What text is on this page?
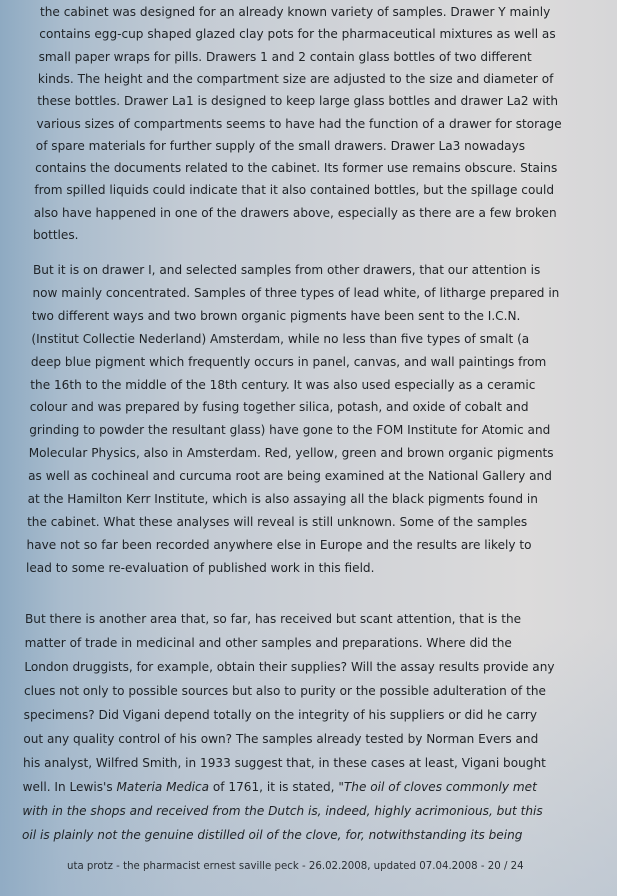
the cabinet was designed for an already known variety of samples. Drawer Y mainly
contains egg-cup shaped glazed clay pots for the pharmaceutical mixtures as well as
small paper wraps for pills. Drawers 1 and 2 contain glass bottles of two different
kinds. The height and the compartment size are adjusted to the size and diameter of
these bottles. Drawer La1 is designed to keep large glass bottles and drawer La2 with
various sizes of compartments seems to have had the function of a drawer for storage
of spare materials for further supply of the small drawers. Drawer La3 nowadays
contains the documents related to the cabinet. Its former use remains obscure. Stains
from spilled liquids could indicate that it also contained bottles, but the spillage could
also have happened in one of the drawers above, especially as there are a few broken
bottles.
But it is on drawer I, and selected samples from other drawers, that our attention is
now mainly concentrated. Samples of three types of lead white, of litharge prepared in
two different ways and two brown organic pigments have been sent to the I.C.N.
(Institut Collectie Nederland) Amsterdam, while no less than five types of smalt (a
deep blue pigment which frequently occurs in panel, canvas, and wall paintings from
the 16th to the middle of the 18th century. It was also used especially as a ceramic
colour and was prepared by fusing together silica, potash, and oxide of cobalt and
grinding to powder the resultant glass) have gone to the FOM Institute for Atomic and
Molecular Physics, also in Amsterdam. Red, yellow, green and brown organic pigments
as well as cochineal and curcuma root are being examined at the National Gallery and
at the Hamilton Kerr Institute, which is also assaying all the black pigments found in
the cabinet. What these analyses will reveal is still unknown. Some of the samples
have not so far been recorded anywhere else in Europe and the results are likely to
lead to some re-evaluation of published work in this field.
But there is another area that, so far, has received but scant attention, that is the
matter of trade in medicinal and other samples and preparations. Where did the
London druggists, for example, obtain their supplies? Will the assay results provide any
clues not only to possible sources but also to purity or the possible adulteration of the
specimens? Did Vigani depend totally on the integrity of his suppliers or did he carry
out any quality control of his own? The samples already tested by Norman Evers and
his analyst, Wilfred Smith, in 1933 suggest that, in these cases at least, Vigani bought
well. In Lewis's Materia Medica of 1761, it is stated, "The oil of cloves commonly met
with in the shops and received from the Dutch is, indeed, highly acrimonious, but this
oil is plainly not the genuine distilled oil of the clove, for, notwithstanding its being
uta protz - the pharmacist ernest saville peck - 26.02.2008, updated 07.04.2008 - 20 / 24
